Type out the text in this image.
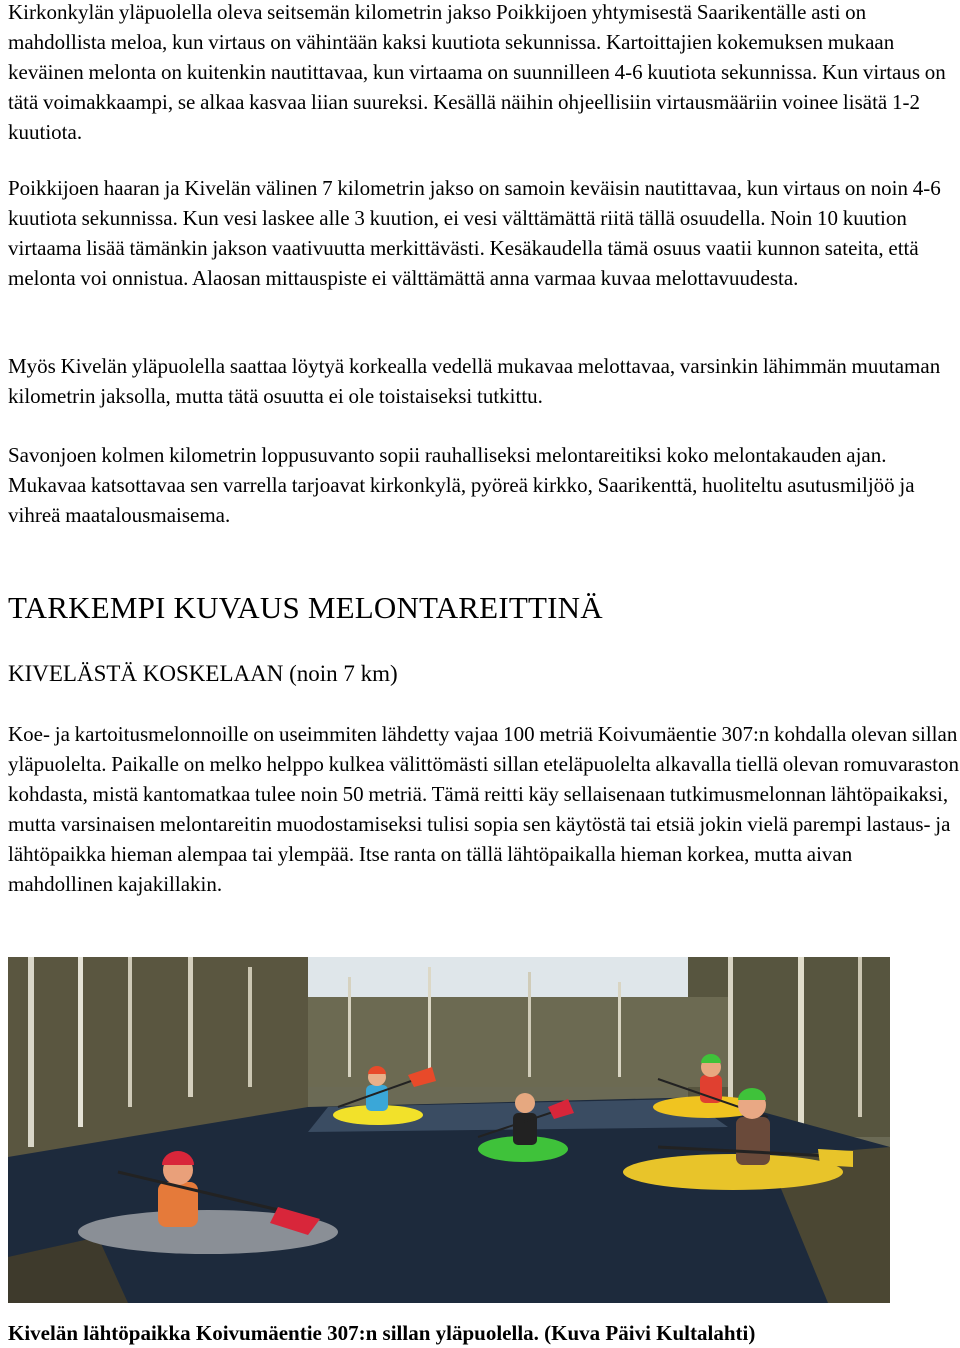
Kirkonkylän yläpuolella oleva seitsemän kilometrin jakso Poikkijoen yhtymisestä Saarikentälle asti on mahdollista meloa, kun virtaus on vähintään kaksi kuutiota sekunnissa. Kartoittajien kokemuksen mukaan keväinen melonta on kuitenkin nautittavaa, kun virtaama on suunnilleen 4-6 kuutiota sekunnissa. Kun virtaus on tätä voimakkaampi, se alkaa kasvaa liian suureksi. Kesällä näihin ohjeellisiin virtausmääriin voinee lisätä 1-2 kuutiota.

Poikkijoen haaran ja Kivelän välinen 7 kilometrin jakso on samoin keväisin nautittavaa, kun virtaus on noin 4-6 kuutiota sekunnissa. Kun vesi laskee alle 3 kuution, ei vesi välttämättä riitä tällä osuudella. Noin 10 kuution virtaama lisää tämänkin jakson vaativuutta merkittävästi. Kesäkaudella tämä osuus vaatii kunnon sateita, että melonta voi onnistua. Alaosan mittauspiste ei välttämättä anna varmaa kuvaa melottavuudesta.

Myös Kivelän yläpuolella saattaa löytyä korkealla vedellä mukavaa melottavaa, varsinkin lähimmän muutaman kilometrin jaksolla, mutta tätä osuutta ei ole toistaiseksi tutkittu.

Savonjoen kolmen kilometrin loppusuvanto sopii rauhalliseksi melontareitiksi koko melontakauden ajan. Mukavaa katsottavaa sen varrella tarjoavat kirkonkylä, pyöreä kirkko, Saarikenttä, huoliteltu asutusmiljöö ja vihreä maatalousmaisema.

TARKEMPI KUVAUS MELONTAREITTINÄ
KIVELÄSTÄ KOSKELAAN (noin 7 km)

Koe- ja kartoitusmelonnoille on useimmiten lähdetty vajaa 100 metriä Koivumäentie 307:n kohdalla olevan sillan yläpuolelta. Paikalle on melko helppo kulkea välittömästi sillan eteläpuolelta alkavalla tiellä olevan romuvaraston kohdasta, mistä kantomatkaa tulee noin 50 metriä. Tämä reitti käy sellaisenaan tutkimusmelonnan lähtöpaikaksi, mutta varsinaisen melontareitin muodostamiseksi tulisi sopia sen käytöstä tai etsiä jokin vielä parempi lastaus- ja lähtöpaikka hieman alempaa tai ylempää. Itse ranta on tällä lähtöpaikalla hieman korkea, mutta aivan mahdollinen kajakillakin.

Kivelän lähtöpaikka Koivumäentie 307:n sillan yläpuolella. (Kuva Päivi Kultalahti)
